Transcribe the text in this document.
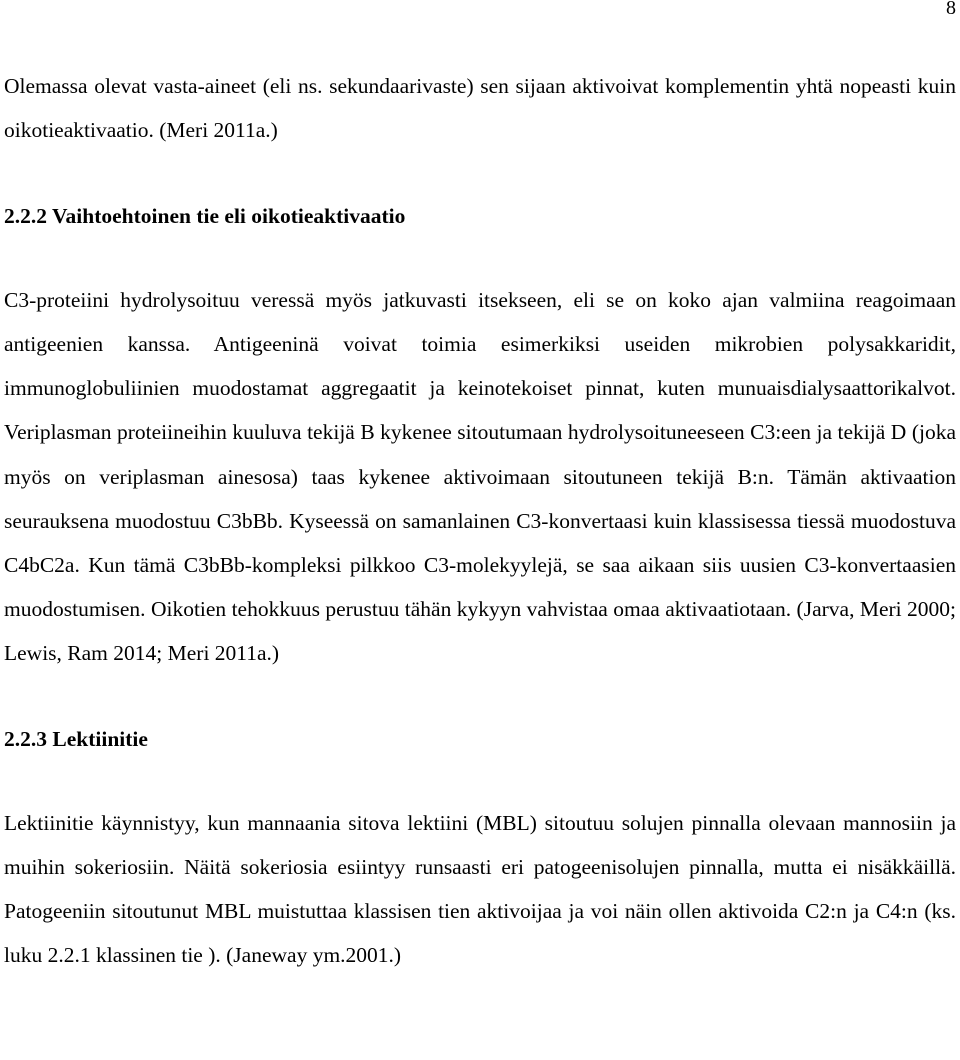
8

Olemassa olevat vasta-aineet (eli ns. sekundaarivaste) sen sijaan aktivoivat komplementin yhtä nopeasti kuin oikotieaktivaatio. (Meri 2011a.)

2.2.2 Vaihtoehtoinen tie eli oikotieaktivaatio

C3-proteiini hydrolysoituu veressä myös jatkuvasti itsekseen, eli se on koko ajan valmiina reagoimaan antigeenien kanssa. Antigeeninä voivat toimia esimerkiksi useiden mikrobien polysakkaridit, immunoglobuliinien muodostamat aggregaatit ja keinotekoiset pinnat, kuten munuaisdialysaattorikalvot. Veriplasman proteiineihin kuuluva tekijä B kykenee sitoutumaan hydrolysoituneeseen C3:een ja tekijä D (joka myös on veriplasman ainesosa) taas kykenee aktivoimaan sitoutuneen tekijä B:n. Tämän aktivaation seurauksena muodostuu C3bBb. Kyseessä on samanlainen C3-konvertaasi kuin klassisessa tiessä muodostuva C4bC2a. Kun tämä C3bBb-kompleksi pilkkoo C3-molekyylejä, se saa aikaan siis uusien C3-konvertaasien muodostumisen. Oikotien tehokkuus perustuu tähän kykyyn vahvistaa omaa aktivaatiotaan. (Jarva, Meri 2000; Lewis, Ram 2014; Meri 2011a.)

2.2.3 Lektiinitie

Lektiinitie käynnistyy, kun mannaania sitova lektiini (MBL) sitoutuu solujen pinnalla olevaan mannosiin ja muihin sokeriosiin. Näitä sokeriosia esiintyy runsaasti eri patogeenisolujen pinnalla, mutta ei nisäkkäillä. Patogeeniin sitoutunut MBL muistuttaa klassisen tien aktivoijaa ja voi näin ollen aktivoida C2:n ja C4:n (ks. luku 2.2.1 klassinen tie ). (Janeway ym.2001.)
